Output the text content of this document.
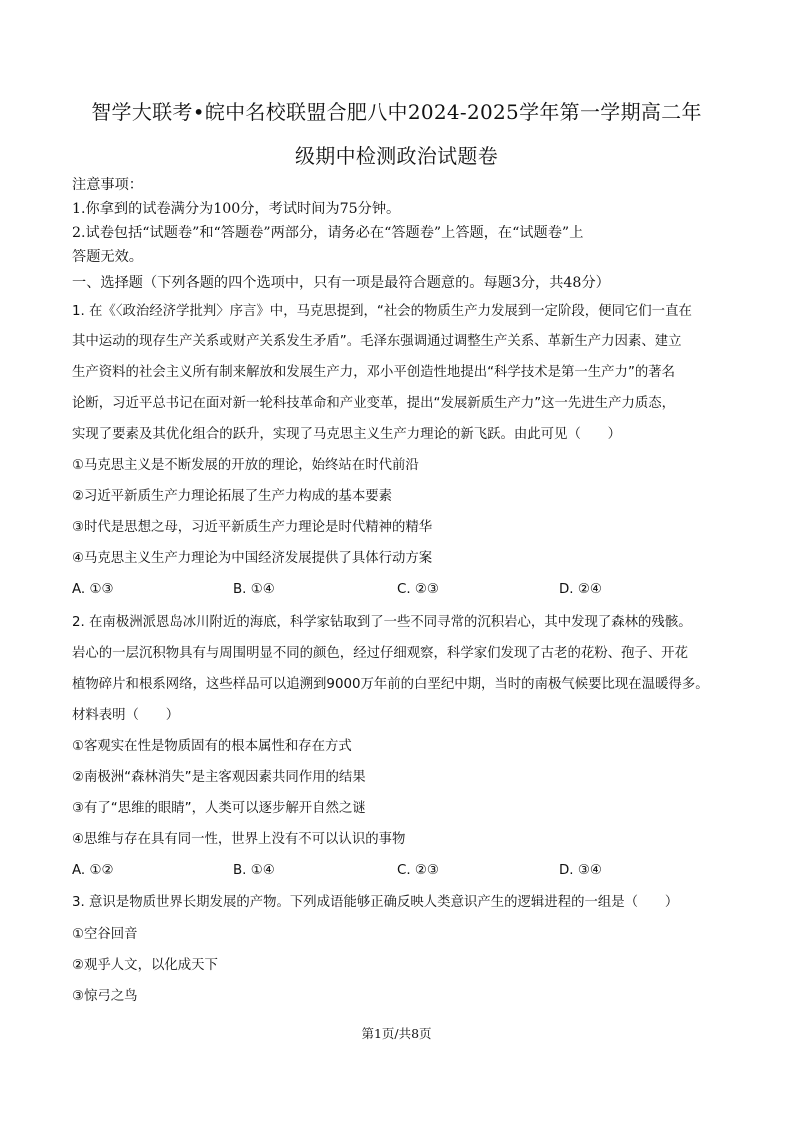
智学大联考•皖中名校联盟合肥八中2024-2025学年第一学期高二年
级期中检测政治试题卷
注意事项：
1.你拿到的试卷满分为100分，考试时间为75分钟。
2.试卷包括“试题卷”和“答题卷”两部分，请务必在“答题卷”上答题，在“试题卷”上
答题无效。
一、选择题（下列各题的四个选项中，只有一项是最符合题意的。每题3分，共48分）
1. 在《〈政治经济学批判〉序言》中，马克思提到，“社会的物质生产力发展到一定阶段，便同它们一直在
其中运动的现存生产关系或财产关系发生矛盾”。毛泽东强调通过调整生产关系、革新生产力因素、建立
生产资料的社会主义所有制来解放和发展生产力，邓小平创造性地提出“科学技术是第一生产力”的著名
论断，习近平总书记在面对新一轮科技革命和产业变革，提出“发展新质生产力”这一先进生产力质态，
实现了要素及其优化组合的跃升，实现了马克思主义生产力理论的新飞跃。由此可见（　　）
①马克思主义是不断发展的开放的理论，始终站在时代前沿
②习近平新质生产力理论拓展了生产力构成的基本要素
③时代是思想之母，习近平新质生产力理论是时代精神的精华
④马克思主义生产力理论为中国经济发展提供了具体行动方案
A. ①③	B. ①④	C. ②③	D. ②④
2. 在南极洲派恩岛冰川附近的海底，科学家钻取到了一些不同寻常的沉积岩心，其中发现了森林的残骸。
岩心的一层沉积物具有与周围明显不同的颜色，经过仔细观察，科学家们发现了古老的花粉、孢子、开花
植物碎片和根系网络，这些样品可以追溯到9000万年前的白垩纪中期，当时的南极气候要比现在温暖得多。
材料表明（　　）
①客观实在性是物质固有的根本属性和存在方式
②南极洲“森林消失”是主客观因素共同作用的结果
③有了“思维的眼睛”，人类可以逐步解开自然之谜
④思维与存在具有同一性，世界上没有不可以认识的事物
A. ①②	B. ①④	C. ②③	D. ③④
3. 意识是物质世界长期发展的产物。下列成语能够正确反映人类意识产生的逻辑进程的一组是（　　）
①空谷回音
②观乎人文，以化成天下
③惊弓之鸟
第1页/共8页
